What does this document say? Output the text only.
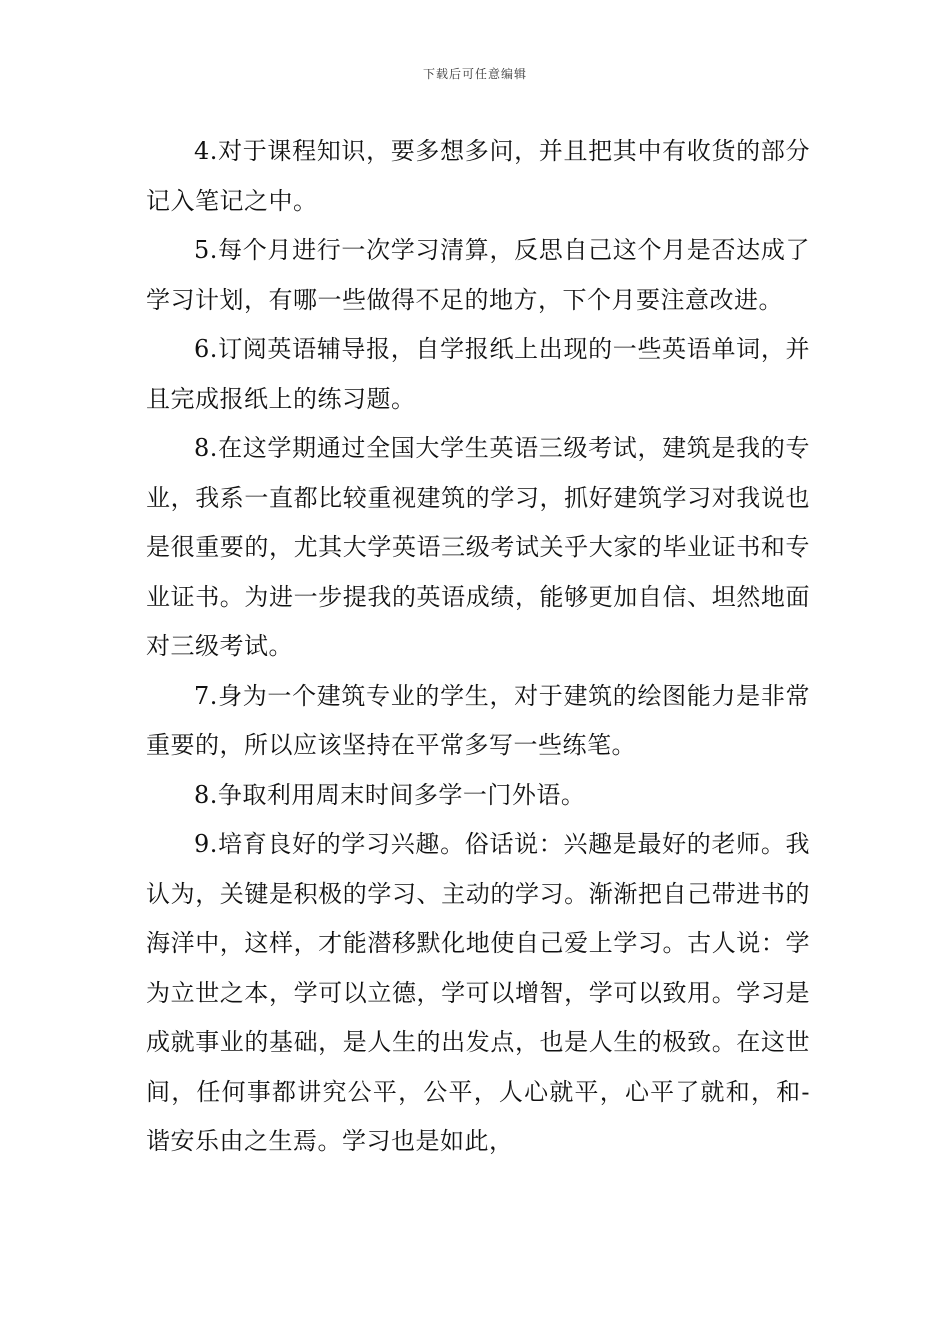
下载后可任意编辑

4.对于课程知识，要多想多问，并且把其中有收货的部分记入笔记之中。

5.每个月进行一次学习清算，反思自己这个月是否达成了学习计划，有哪一些做得不足的地方，下个月要注意改进。

6.订阅英语辅导报，自学报纸上出现的一些英语单词，并且完成报纸上的练习题。

8.在这学期通过全国大学生英语三级考试，建筑是我的专业，我系一直都比较重视建筑的学习，抓好建筑学习对我说也是很重要的，尤其大学英语三级考试关乎大家的毕业证书和专业证书。为进一步提我的英语成绩，能够更加自信、坦然地面对三级考试。

7.身为一个建筑专业的学生，对于建筑的绘图能力是非常重要的，所以应该坚持在平常多写一些练笔。

8.争取利用周末时间多学一门外语。

9.培育良好的学习兴趣。俗话说：兴趣是最好的老师。我认为，关键是积极的学习、主动的学习。渐渐把自己带进书的海洋中，这样，才能潜移默化地使自己爱上学习。古人说：学为立世之本，学可以立德，学可以增智，学可以致用。学习是成就事业的基础，是人生的出发点，也是人生的极致。在这世间，任何事都讲究公平，公平，人心就平，心平了就和，和-谐安乐由之生焉。学习也是如此，
